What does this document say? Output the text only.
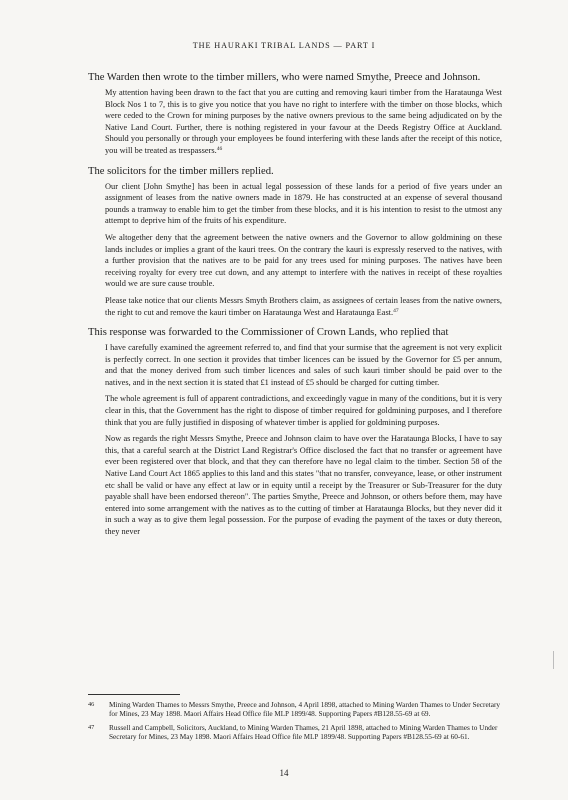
THE HAURAKI TRIBAL LANDS — PART I

The Warden then wrote to the timber millers, who were named Smythe, Preece and Johnson.

My attention having been drawn to the fact that you are cutting and removing kauri timber from the Harataunga West Block Nos 1 to 7, this is to give you notice that you have no right to interfere with the timber on those blocks, which were ceded to the Crown for mining purposes by the native owners previous to the same being adjudicated on by the Native Land Court. Further, there is nothing registered in your favour at the Deeds Registry Office at Auckland. Should you personally or through your employees be found interfering with these lands after the receipt of this notice, you will be treated as trespassers.$^{46}$

The solicitors for the timber millers replied.

Our client [John Smythe] has been in actual legal possession of these lands for a period of five years under an assignment of leases from the native owners made in 1879. He has constructed at an expense of several thousand pounds a tramway to enable him to get the timber from these blocks, and it is his intention to resist to the utmost any attempt to deprive him of the fruits of his expenditure.

We altogether deny that the agreement between the native owners and the Governor to allow goldmining on these lands includes or implies a grant of the kauri trees. On the contrary the kauri is expressly reserved to the natives, with a further provision that the natives are to be paid for any trees used for mining purposes. The natives have been receiving royalty for every tree cut down, and any attempt to interfere with the natives in receipt of these royalties would we are sure cause trouble.

Please take notice that our clients Messrs Smyth Brothers claim, as assignees of certain leases from the native owners, the right to cut and remove the kauri timber on Harataunga West and Harataunga East.$^{47}$

This response was forwarded to the Commissioner of Crown Lands, who replied that

I have carefully examined the agreement referred to, and find that your surmise that the agreement is not very explicit is perfectly correct. In one section it provides that timber licences can be issued by the Governor for £5 per annum, and that the money derived from such timber licences and sales of such kauri timber should be paid over to the natives, and in the next section it is stated that £1 instead of £5 should be charged for cutting timber.

The whole agreement is full of apparent contradictions, and exceedingly vague in many of the conditions, but it is very clear in this, that the Government has the right to dispose of timber required for goldmining purposes, and I therefore think that you are fully justified in disposing of whatever timber is applied for goldmining purposes.

Now as regards the right Messrs Smythe, Preece and Johnson claim to have over the Harataunga Blocks, I have to say this, that a careful search at the District Land Registrar's Office disclosed the fact that no transfer or agreement have ever been registered over that block, and that they can therefore have no legal claim to the timber. Section 58 of the Native Land Court Act 1865 applies to this land and this states "that no transfer, conveyance, lease, or other instrument etc shall be valid or have any effect at law or in equity until a receipt by the Treasurer or Sub-Treasurer for the duty payable shall have been endorsed thereon". The parties Smythe, Preece and Johnson, or others before them, may have entered into some arrangement with the natives as to the cutting of timber at Harataunga Blocks, but they never did it in such a way as to give them legal possession. For the purpose of evading the payment of the taxes or duty thereon, they never

46	Mining Warden Thames to Messrs Smythe, Preece and Johnson, 4 April 1898, attached to Mining Warden Thames to Under Secretary for Mines, 23 May 1898. Maori Affairs Head Office file MLP 1899/48. Supporting Papers #B128.55-69 at 69.
47	Russell and Campbell, Solicitors, Auckland, to Mining Warden Thames, 21 April 1898, attached to Mining Warden Thames to Under Secretary for Mines, 23 May 1898. Maori Affairs Head Office file MLP 1899/48. Supporting Papers #B128.55-69 at 60-61.
14
